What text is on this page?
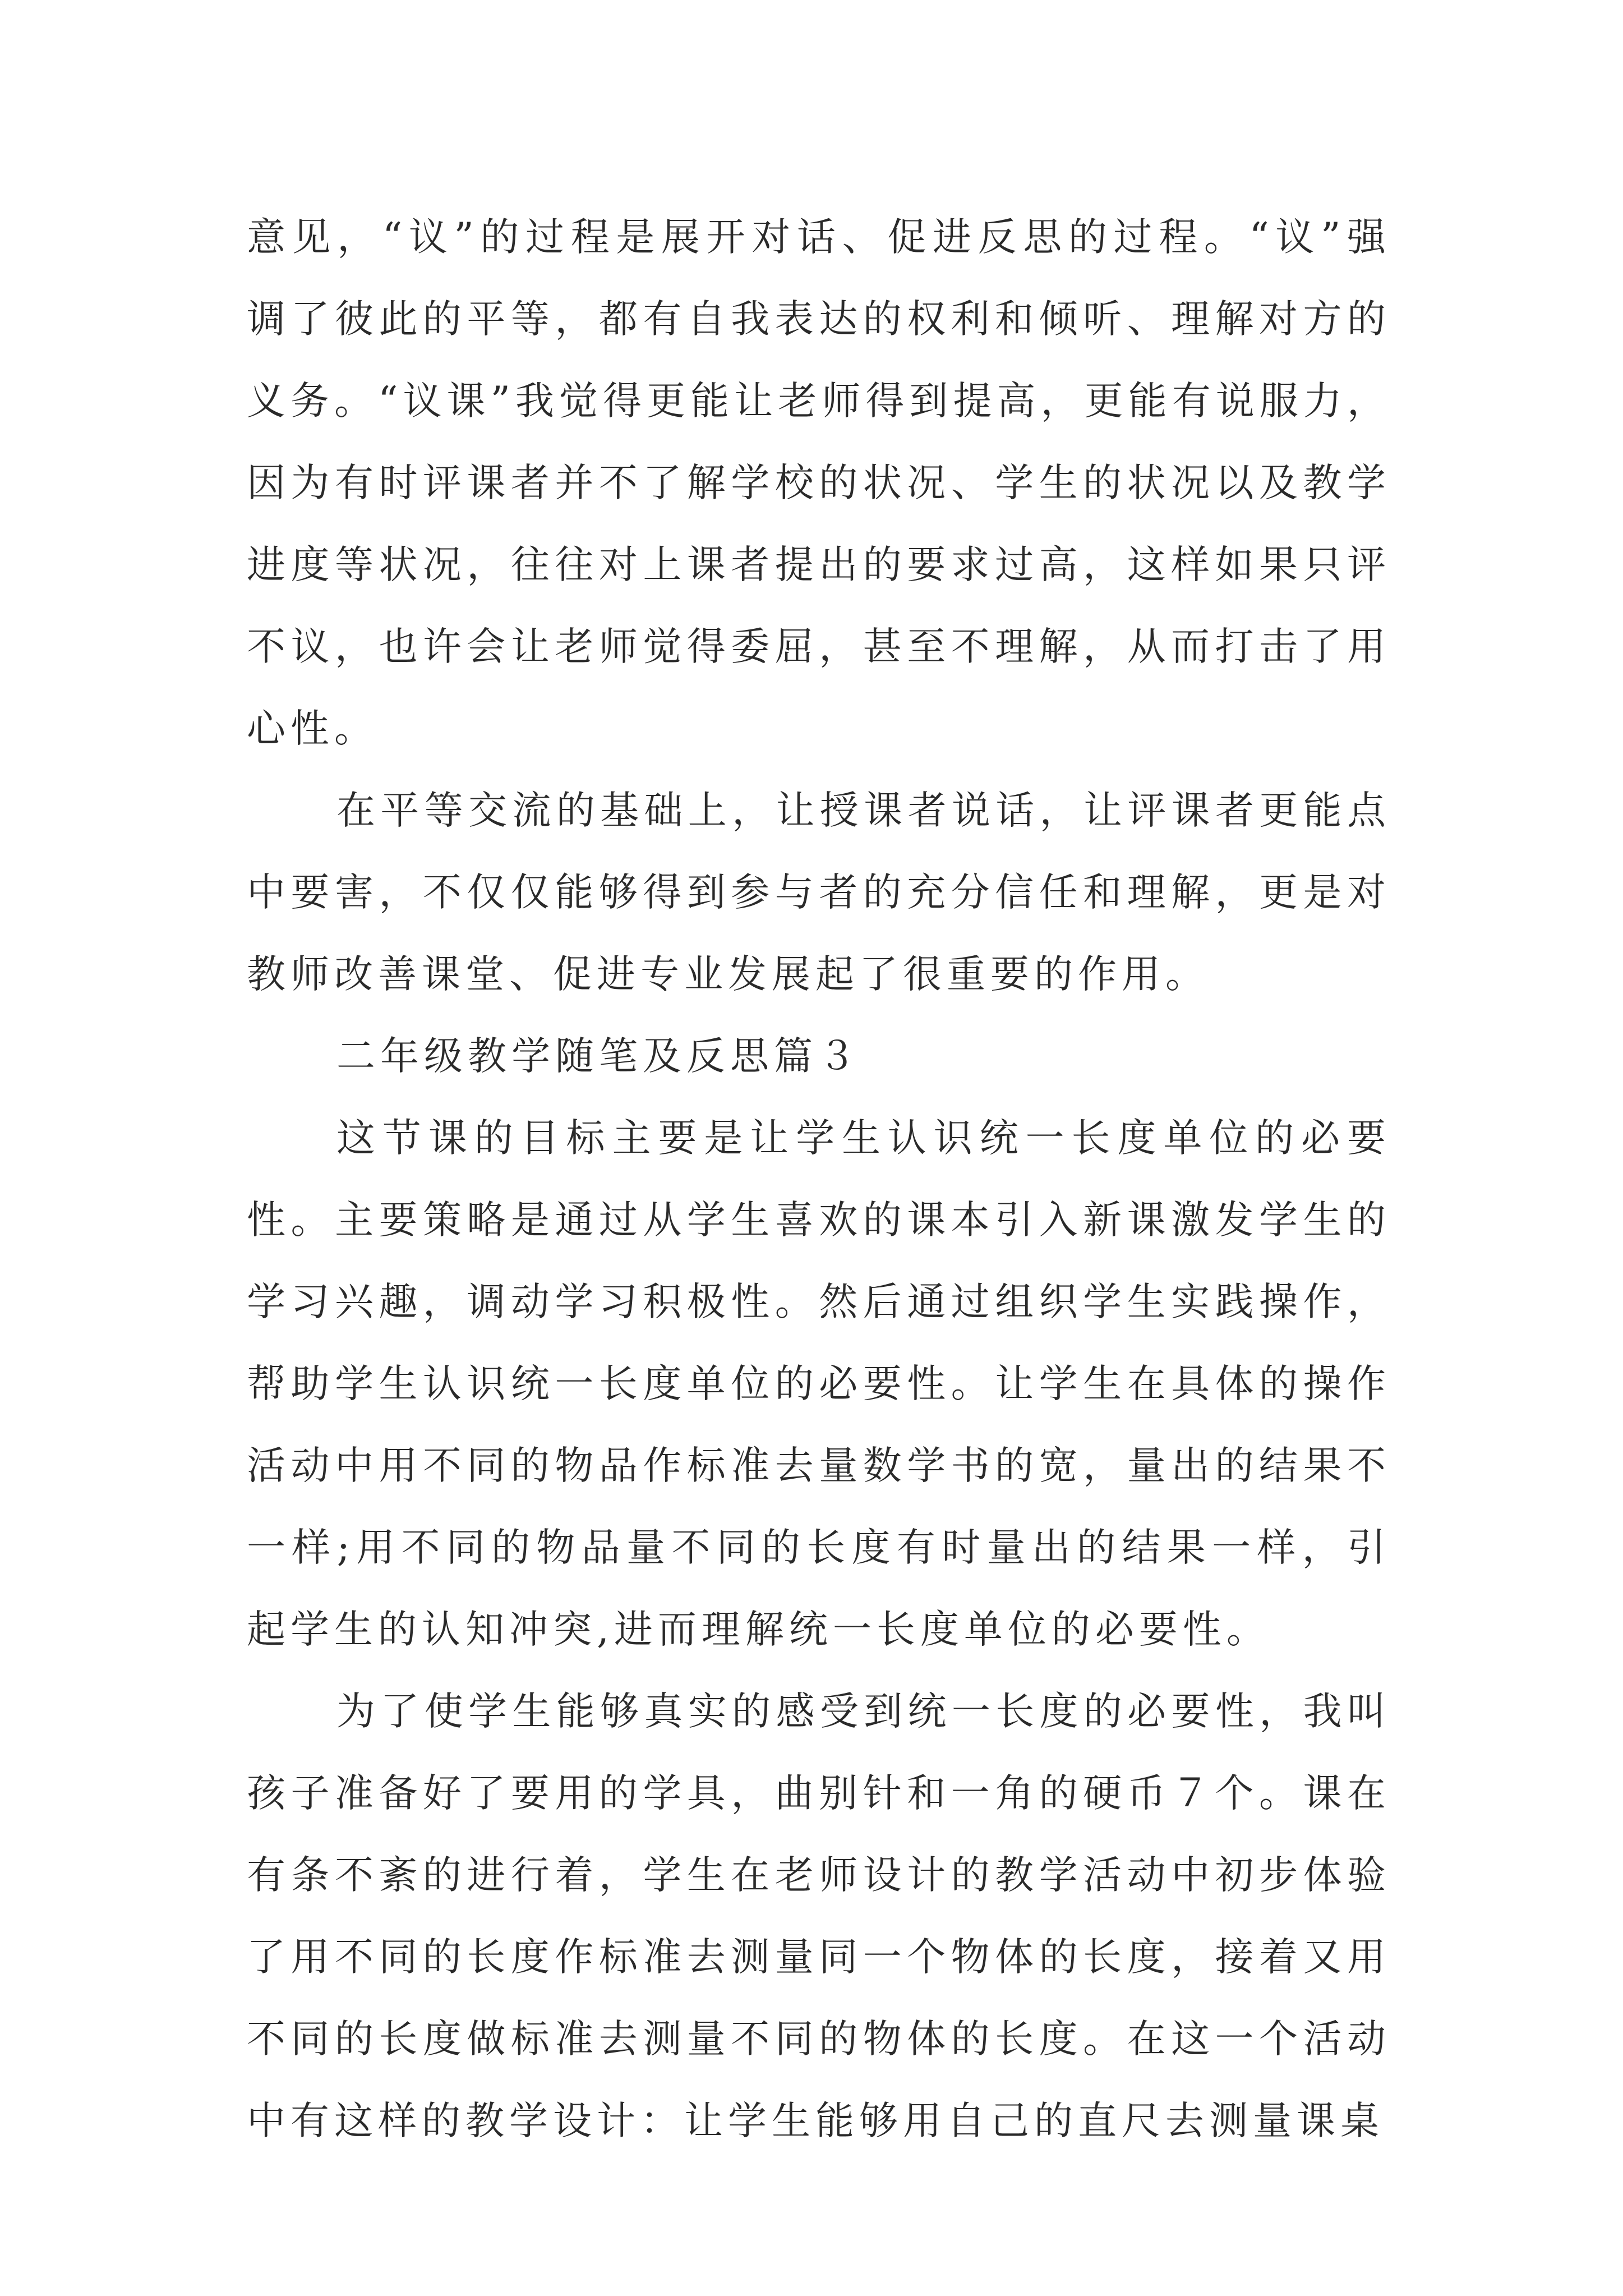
意见，“议”的过程是展开对话、促进反思的过程。“议”强调了彼此的平等，都有自我表达的权利和倾听、理解对方的义务。“议课”我觉得更能让老师得到提高，更能有说服力，因为有时评课者并不了解学校的状况、学生的状况以及教学进度等状况，往往对上课者提出的要求过高，这样如果只评不议，也许会让老师觉得委屈，甚至不理解，从而打击了用心性。

在平等交流的基础上，让授课者说话，让评课者更能点中要害，不仅仅能够得到参与者的充分信任和理解，更是对教师改善课堂、促进专业发展起了很重要的作用。

二年级教学随笔及反思篇３

这节课的目标主要是让学生认识统一长度单位的必要性。主要策略是通过从学生喜欢的课本引入新课激发学生的学习兴趣，调动学习积极性。然后通过组织学生实践操作，帮助学生认识统一长度单位的必要性。让学生在具体的操作活动中用不同的物品作标准去量数学书的宽，量出的结果不一样;用不同的物品量不同的长度有时量出的结果一样，引起学生的认知冲突,进而理解统一长度单位的必要性。

为了使学生能够真实的感受到统一长度的必要性，我叫孩子准备好了要用的学具，曲别针和一角的硬币７个。课在有条不紊的进行着，学生在老师设计的教学活动中初步体验了用不同的长度作标准去测量同一个物体的长度，接着又用不同的长度做标准去测量不同的物体的长度。在这一个活动中有这样的教学设计：让学生能够用自己的直尺去测量课桌
